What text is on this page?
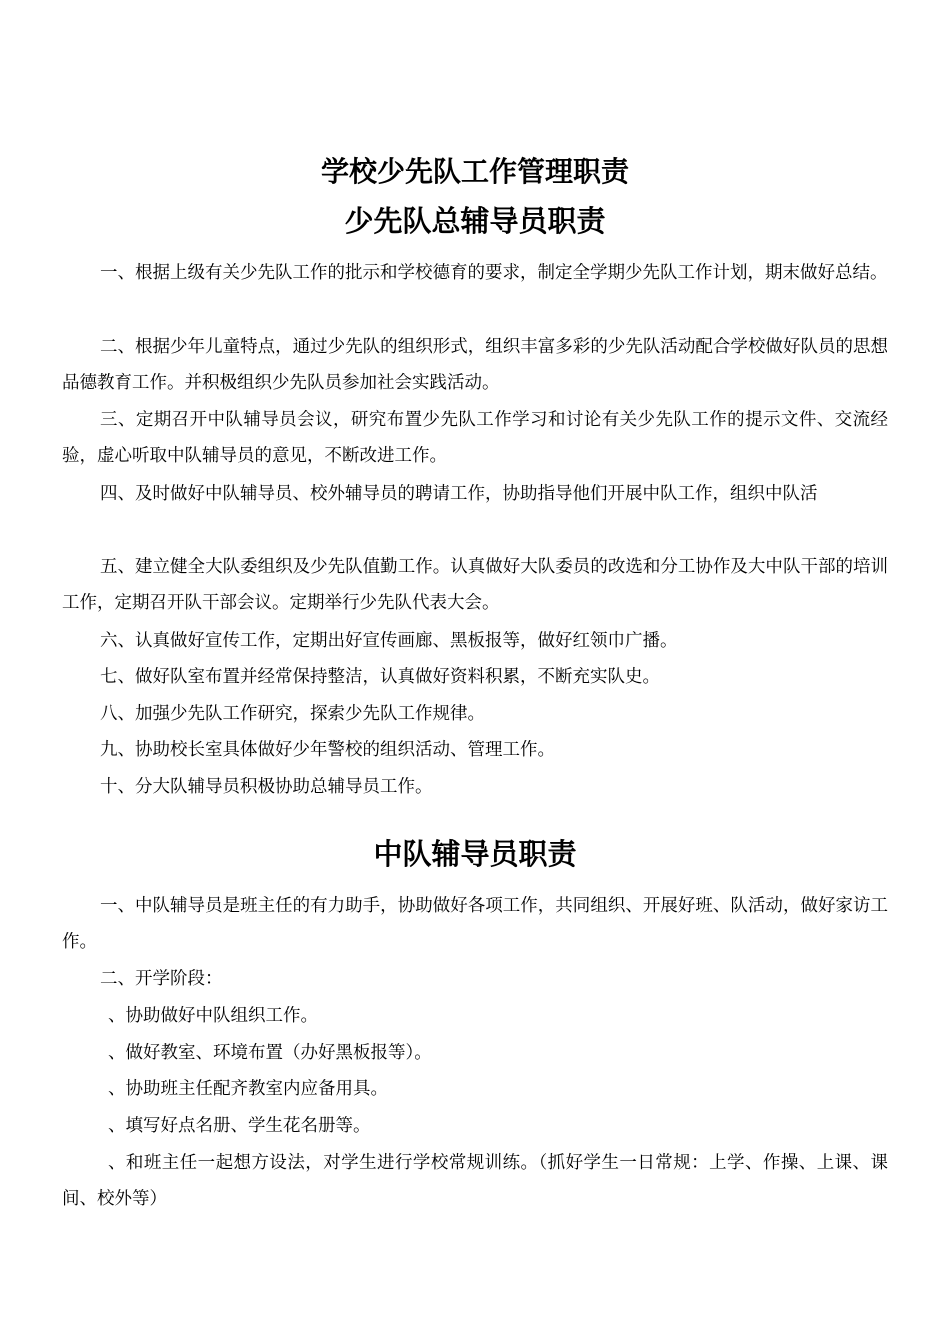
学校少先队工作管理职责
少先队总辅导员职责

一、根据上级有关少先队工作的批示和学校德育的要求，制定全学期少先队工作计划，期末做好总结。

二、根据少年儿童特点，通过少先队的组织形式，组织丰富多彩的少先队活动配合学校做好队员的思想品德教育工作。并积极组织少先队员参加社会实践活动。

三、定期召开中队辅导员会议，研究布置少先队工作学习和讨论有关少先队工作的提示文件、交流经验，虚心听取中队辅导员的意见，不断改进工作。

四、及时做好中队辅导员、校外辅导员的聘请工作，协助指导他们开展中队工作，组织中队活

五、建立健全大队委组织及少先队值勤工作。认真做好大队委员的改选和分工协作及大中队干部的培训工作，定期召开队干部会议。定期举行少先队代表大会。

六、认真做好宣传工作，定期出好宣传画廊、黑板报等，做好红领巾广播。

七、做好队室布置并经常保持整洁，认真做好资料积累，不断充实队史。

八、加强少先队工作研究，探索少先队工作规律。

九、协助校长室具体做好少年警校的组织活动、管理工作。

十、分大队辅导员积极协助总辅导员工作。

中队辅导员职责

一、中队辅导员是班主任的有力助手，协助做好各项工作，共同组织、开展好班、队活动，做好家访工作。

二、开学阶段：

、协助做好中队组织工作。

、做好教室、环境布置（办好黑板报等）。

、协助班主任配齐教室内应备用具。

、填写好点名册、学生花名册等。

、和班主任一起想方设法，对学生进行学校常规训练。（抓好学生一日常规：上学、作操、上课、课间、校外等）
